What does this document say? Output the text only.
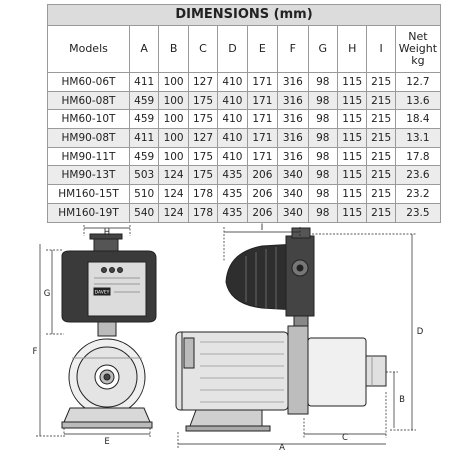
DIMENSIONS (mm)
Models	A	B	C	D	E	F	G	H	I	Net Weight kg
HM60-06T	411	100	127	410	171	316	98	115	215	12.7
HM60-08T	459	100	175	410	171	316	98	115	215	13.6
HM60-10T	459	100	175	410	171	316	98	115	215	18.4
HM90-08T	411	100	127	410	171	316	98	115	215	13.1
HM90-11T	459	100	175	410	171	316	98	115	215	17.8
HM90-13T	503	124	175	435	206	340	98	115	215	23.6
HM160-15T	510	124	178	435	206	340	98	115	215	23.2
HM160-19T	540	124	178	435	206	340	98	115	215	23.5
DAVEY
H
G
F
E
I
D
B
C
A
